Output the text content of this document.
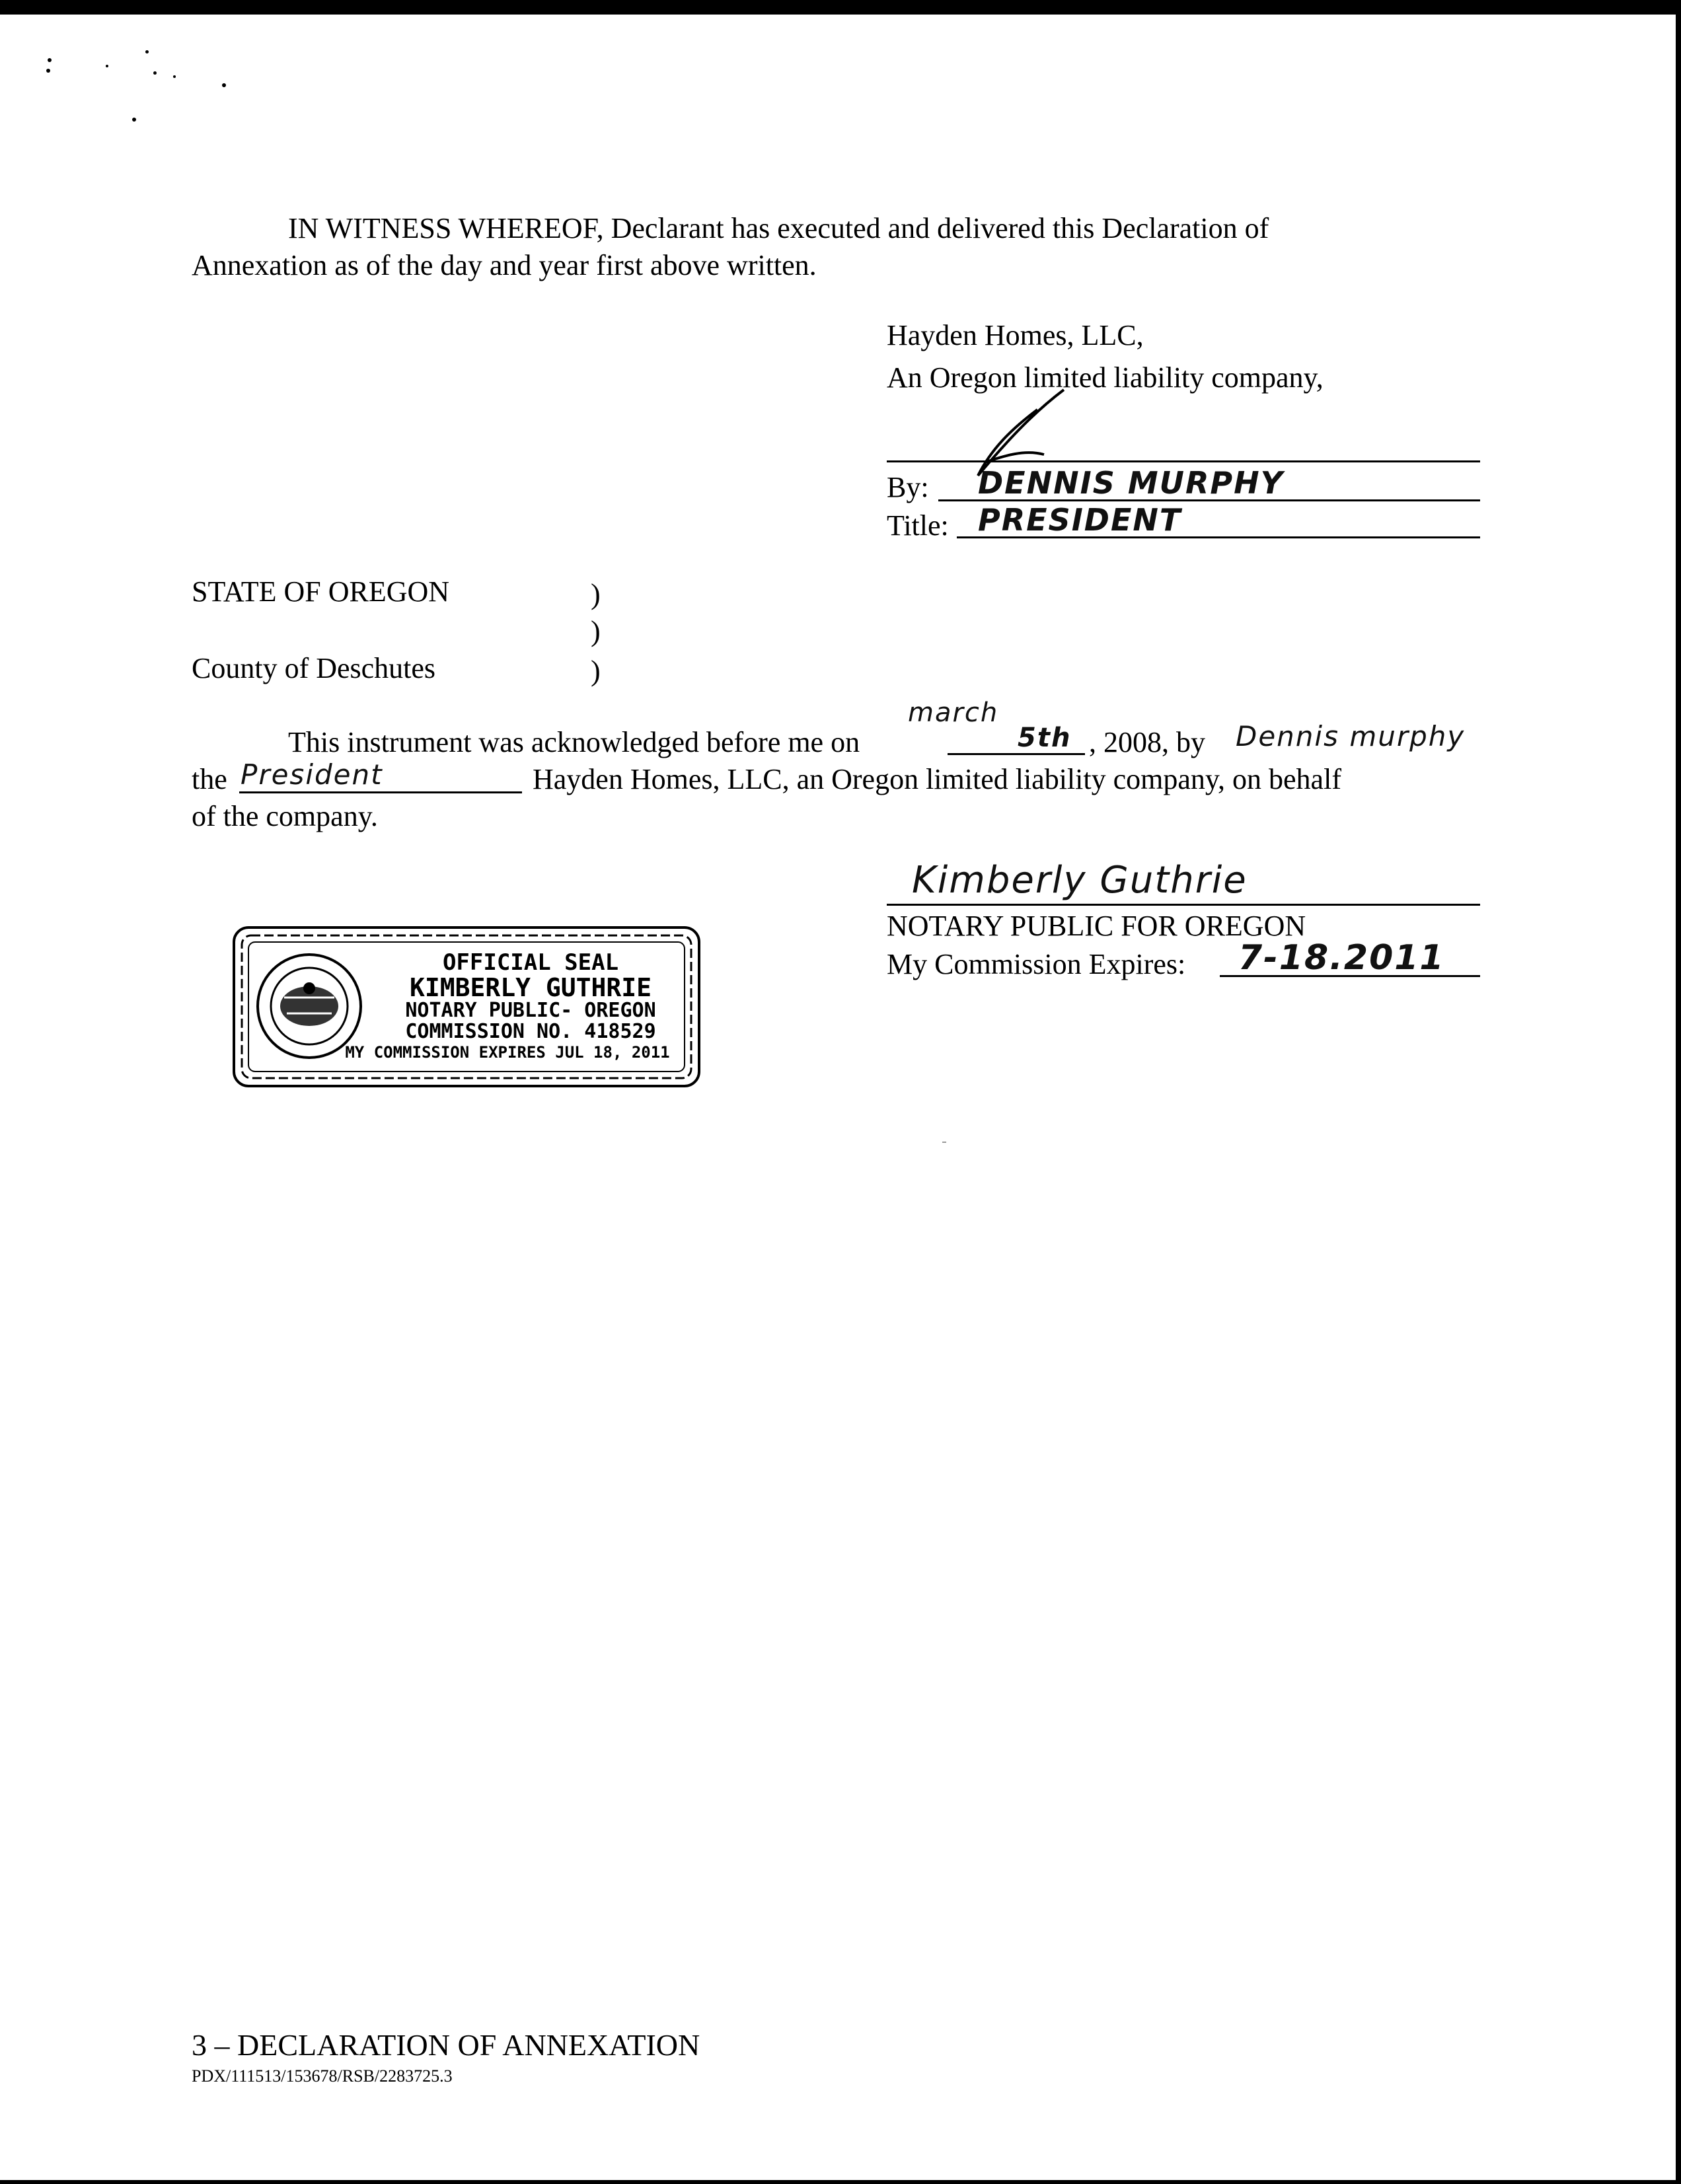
IN WITNESS WHEREOF, Declarant has executed and delivered this Declaration of
Annexation as of the day and year first above written.
Hayden Homes, LLC,
An Oregon limited liability company,
By: DENNIS MURPHY
Title: PRESIDENT
STATE OF OREGON	)
)
County of Deschutes	)
This instrument was acknowledged before me on
march
5th , 2008, by Dennis murphy
the President	Hayden Homes, LLC, an Oregon limited liability company, on behalf
of the company.
Kimberly Guthrie
NOTARY PUBLIC FOR OREGON
My Commission Expires: 7-18.2011
OFFICIAL SEAL
KIMBERLY GUTHRIE
NOTARY PUBLIC- OREGON
COMMISSION NO. 418529
MY COMMISSION EXPIRES JUL 18, 2011
3 – DECLARATION OF ANNEXATION
PDX/111513/153678/RSB/2283725.3
